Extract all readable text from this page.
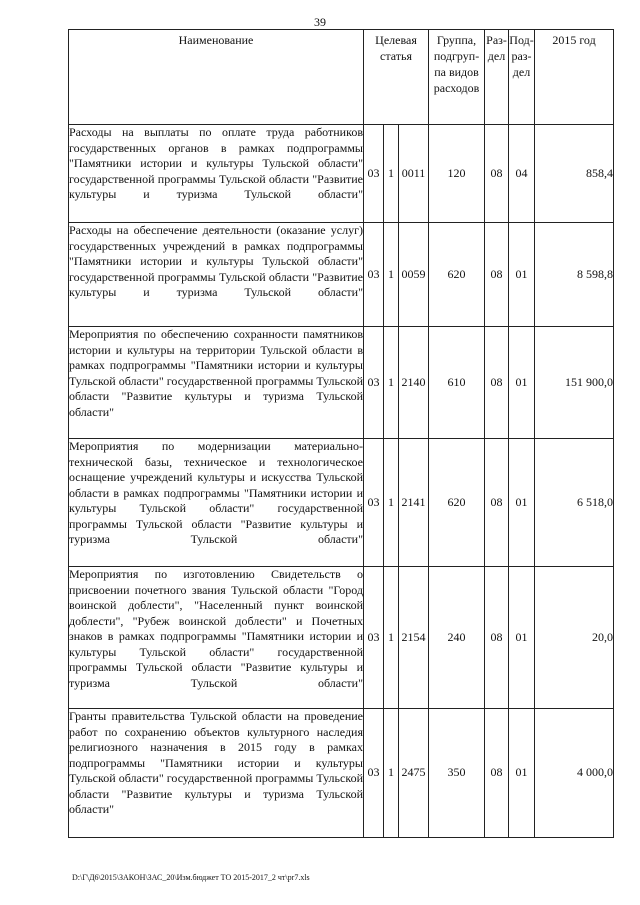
39
Наименование	Целевая статья			Группа, подгруп-па видов расходов	Раз-дел	Под-раз-дел	2015 год
Расходы на выплаты по оплате труда работников государственных органов в рамках подпрограммы "Памятники истории и культуры Тульской области" государственной программы Тульской области "Развитие культуры и туризма Тульской области"	03	1	0011	120	08	04	858,4
Расходы на обеспечение деятельности (оказание услуг) государственных учреждений в рамках подпрограммы "Памятники истории и культуры Тульской области" государственной программы Тульской области "Развитие культуры и туризма Тульской области"	03	1	0059	620	08	01	8 598,8
Мероприятия по обеспечению сохранности памятников истории и культуры на территории Тульской области в рамках подпрограммы "Памятники истории и культуры Тульской области" государственной программы Тульской области "Развитие культуры и туризма Тульской области"	03	1	2140	610	08	01	151 900,0
Мероприятия по модернизации материально-технической базы, техническое и технологическое оснащение учреждений культуры и искусства Тульской области в рамках подпрограммы "Памятники истории и культуры Тульской области" государственной программы Тульской области "Развитие культуры и туризма Тульской области"	03	1	2141	620	08	01	6 518,0
Мероприятия по изготовлению Свидетельств о присвоении почетного звания Тульской области "Город воинской доблести", "Населенный пункт воинской доблести", "Рубеж воинской доблести" и Почетных знаков в рамках подпрограммы "Памятники истории и культуры Тульской области" государственной программы Тульской области "Развитие культуры и туризма Тульской области"	03	1	2154	240	08	01	20,0
Гранты правительства Тульской области на проведение работ по сохранению объектов культурного наследия религиозного назначения в 2015 году в рамках подпрограммы "Памятники истории и культуры Тульской области" государственной программы Тульской области "Развитие культуры и туризма Тульской области"	03	1	2475	350	08	01	4 000,0
D:\Г\Д6\2015\ЗАКОН\ЗАС_20\Изм.бюджет ТО 2015-2017_2 чт\pr7.xls
